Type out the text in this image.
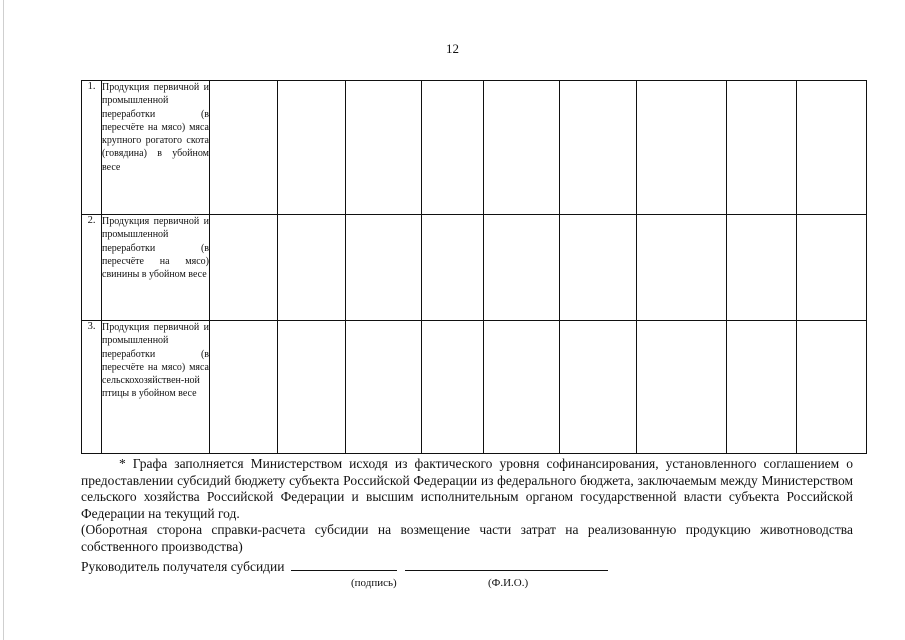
12
1.	Продукция первичной и промышленной переработки (в пересчёте на мясо) мяса крупного рогатого скота (говядина) в убойном весе									
2.	Продукция первичной и промышленной переработки (в пересчёте на мясо) свинины в убойном весе									
3.	Продукция первичной и промышленной переработки (в пересчёте на мясо) мяса сельскохозяйствен-ной птицы в убойном весе									

* Графа заполняется Министерством исходя из фактического уровня софинансирования, установленного соглашением о предоставлении субсидий бюджету субъекта Российской Федерации из федерального бюджета, заключаемым между Министерством сельского хозяйства Российской Федерации и высшим исполнительным органом государственной власти субъекта Российской Федерации на текущий год.

(Оборотная сторона справки-расчета субсидии на возмещение части затрат на реализованную продукцию животноводства собственного производства)

Руководитель получателя субсидии
(подпись)	(Ф.И.О.)
